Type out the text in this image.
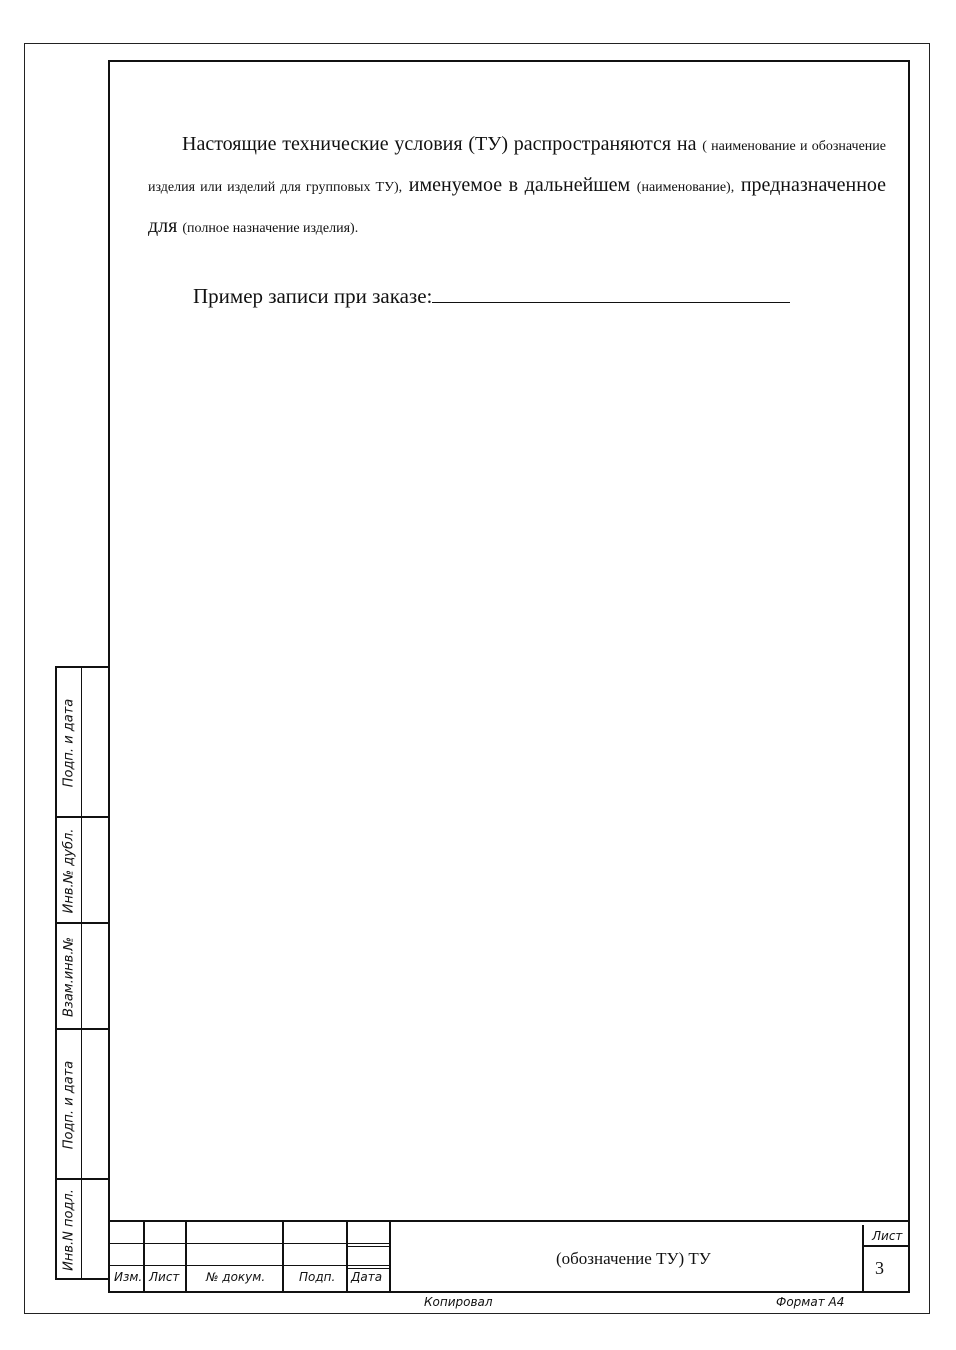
Настоящие технические условия (ТУ) распространяются на ( наименование и обозначение изделия или изделий для групповых ТУ), именуемое в дальнейшем (наименование), предназначенное для (полное назначение изделия).

Пример записи при заказе:
Подп. и дата
Инв.№ дубл.
Взам.инв.№
Подп. и дата
Инв.N подл.
Изм. Лист № докум.	Подп. Дата
(обозначение ТУ) ТУ
Лист
3
Копировал	Формат А4
